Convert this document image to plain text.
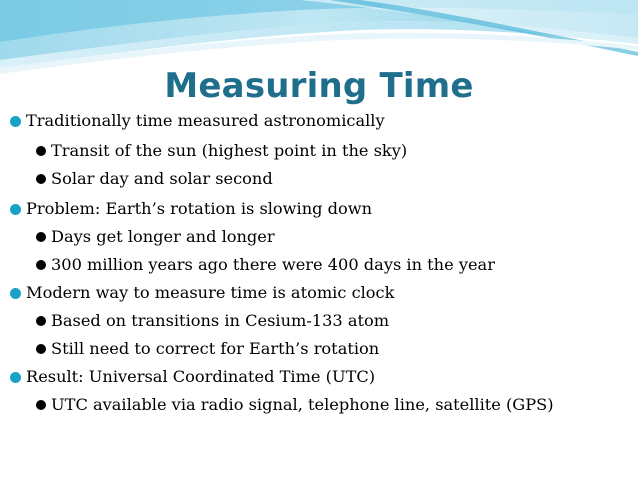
Measuring Time
Traditionally time measured astronomically
Transit of the sun (highest point in the sky)
Solar day and solar second
Problem: Earth’s rotation is slowing down
Days get longer and longer
300 million years ago there were 400 days in the year
Modern way to measure time is atomic clock
Based on transitions in Cesium-133 atom
Still need to correct for Earth’s rotation
Result: Universal Coordinated Time (UTC)
UTC available via radio signal, telephone line, satellite (GPS)
